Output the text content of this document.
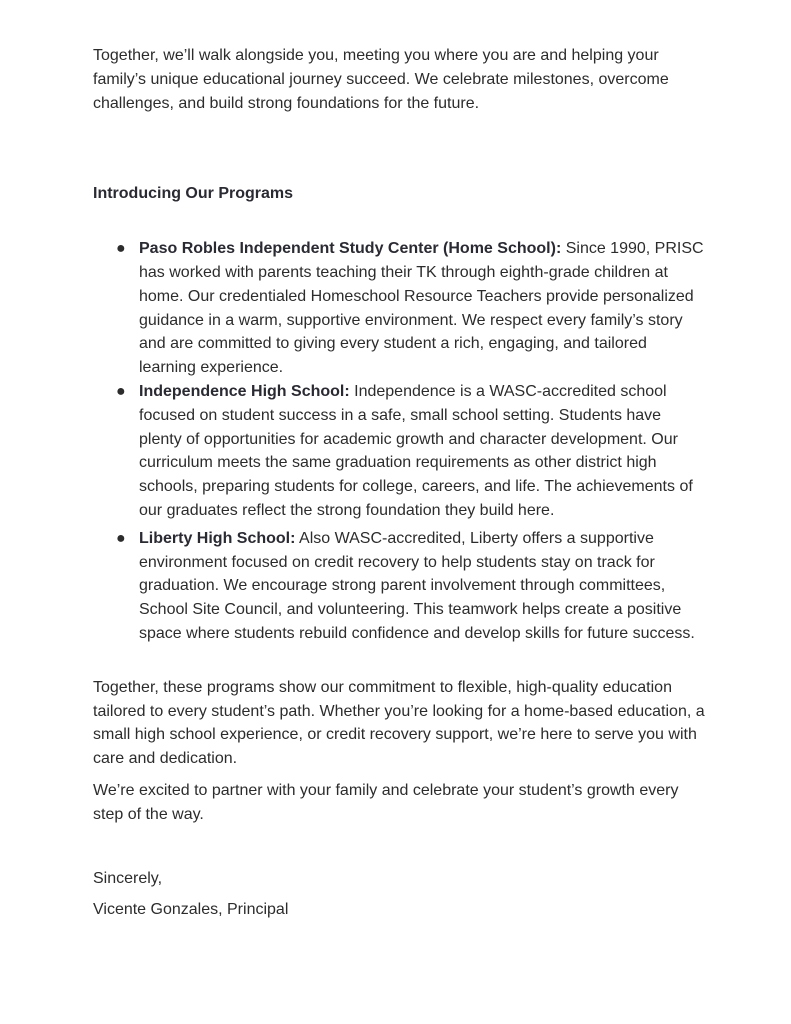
Together, we’ll walk alongside you, meeting you where you are and helping your family’s unique educational journey succeed. We celebrate milestones, overcome challenges, and build strong foundations for the future.

Introducing Our Programs

● Paso Robles Independent Study Center (Home School): Since 1990, PRISC has worked with parents teaching their TK through eighth-grade children at home. Our credentialed Homeschool Resource Teachers provide personalized guidance in a warm, supportive environment. We respect every family’s story and are committed to giving every student a rich, engaging, and tailored learning experience.
● Independence High School: Independence is a WASC-accredited school focused on student success in a safe, small school setting. Students have plenty of opportunities for academic growth and character development. Our curriculum meets the same graduation requirements as other district high schools, preparing students for college, careers, and life. The achievements of our graduates reflect the strong foundation they build here.
● Liberty High School: Also WASC-accredited, Liberty offers a supportive environment focused on credit recovery to help students stay on track for graduation. We encourage strong parent involvement through committees, School Site Council, and volunteering. This teamwork helps create a positive space where students rebuild confidence and develop skills for future success.

Together, these programs show our commitment to flexible, high-quality education tailored to every student’s path. Whether you’re looking for a home-based education, a small high school experience, or credit recovery support, we’re here to serve you with care and dedication.

We’re excited to partner with your family and celebrate your student’s growth every step of the way.

Sincerely,

Vicente Gonzales, Principal
